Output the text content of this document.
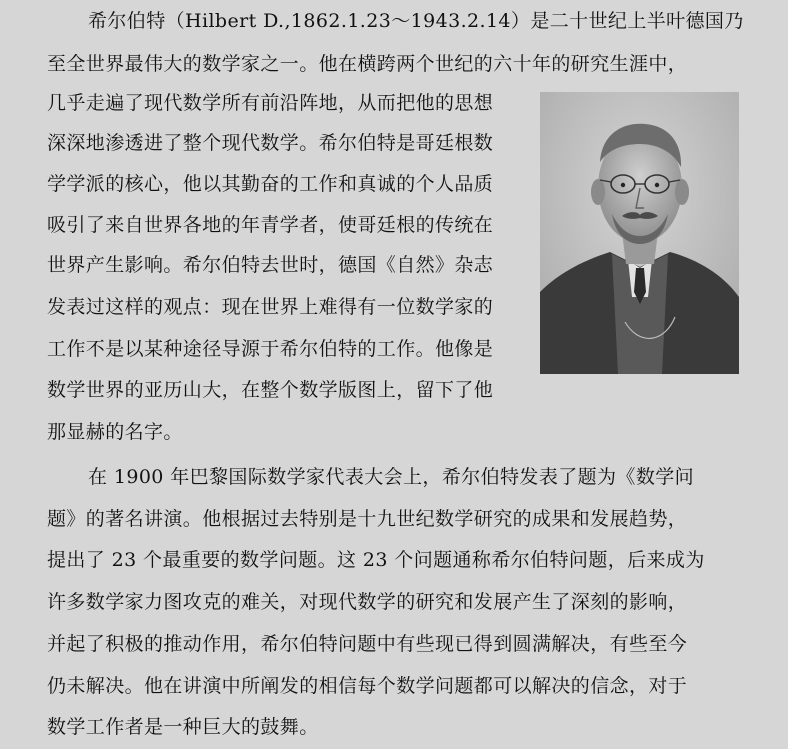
希尔伯特（Hilbert D.,1862.1.23～1943.2.14）是二十世纪上半叶德国乃
至全世界最伟大的数学家之一。他在横跨两个世纪的六十年的研究生涯中，
几乎走遍了现代数学所有前沿阵地，从而把他的思想
深深地渗透进了整个现代数学。希尔伯特是哥廷根数
学学派的核心，他以其勤奋的工作和真诚的个人品质
吸引了来自世界各地的年青学者，使哥廷根的传统在
世界产生影响。希尔伯特去世时，德国《自然》杂志
发表过这样的观点：现在世界上难得有一位数学家的
工作不是以某种途径导源于希尔伯特的工作。他像是
数学世界的亚历山大，在整个数学版图上，留下了他
那显赫的名字。
在 1900 年巴黎国际数学家代表大会上，希尔伯特发表了题为《数学问
题》的著名讲演。他根据过去特别是十九世纪数学研究的成果和发展趋势，
提出了 23 个最重要的数学问题。这 23 个问题通称希尔伯特问题，后来成为
许多数学家力图攻克的难关，对现代数学的研究和发展产生了深刻的影响，
并起了积极的推动作用，希尔伯特问题中有些现已得到圆满解决，有些至今
仍未解决。他在讲演中所阐发的相信每个数学问题都可以解决的信念，对于
数学工作者是一种巨大的鼓舞。
